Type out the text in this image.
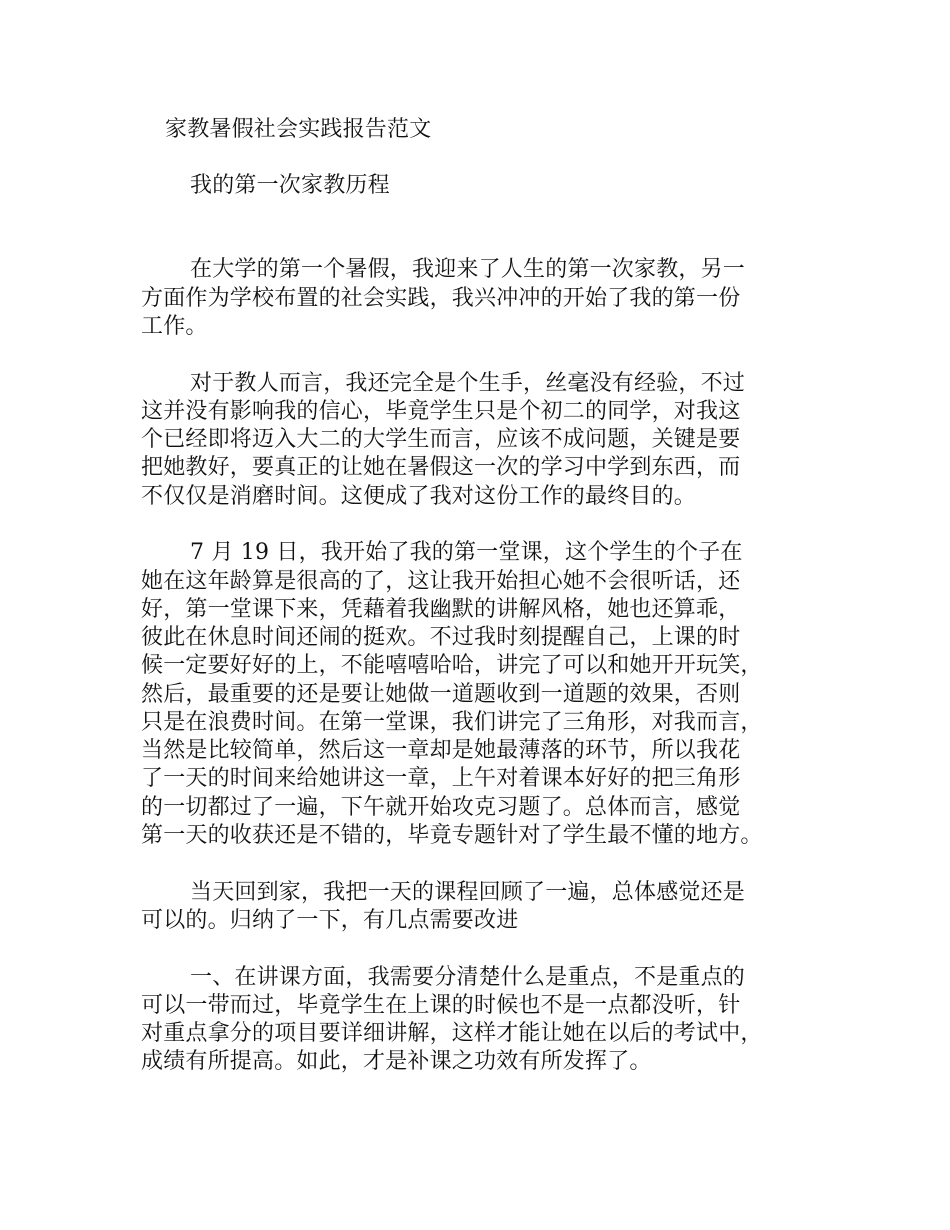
家教暑假社会实践报告范文
我的第一次家教历程
在大学的第一个暑假，我迎来了人生的第一次家教，另一
方面作为学校布置的社会实践，我兴冲冲的开始了我的第一份
工作。
对于教人而言，我还完全是个生手，丝毫没有经验，不过
这并没有影响我的信心，毕竟学生只是个初二的同学，对我这
个已经即将迈入大二的大学生而言，应该不成问题，关键是要
把她教好，要真正的让她在暑假这一次的学习中学到东西，而
不仅仅是消磨时间。这便成了我对这份工作的最终目的。
7 月 19 日，我开始了我的第一堂课，这个学生的个子在
她在这年龄算是很高的了，这让我开始担心她不会很听话，还
好，第一堂课下来，凭藉着我幽默的讲解风格，她也还算乖，
彼此在休息时间还闹的挺欢。不过我时刻提醒自己，上课的时
候一定要好好的上，不能嘻嘻哈哈，讲完了可以和她开开玩笑，
然后，最重要的还是要让她做一道题收到一道题的效果，否则
只是在浪费时间。在第一堂课，我们讲完了三角形，对我而言，
当然是比较简单，然后这一章却是她最薄落的环节，所以我花
了一天的时间来给她讲这一章，上午对着课本好好的把三角形
的一切都过了一遍，下午就开始攻克习题了。总体而言，感觉
第一天的收获还是不错的，毕竟专题针对了学生最不懂的地方。
当天回到家，我把一天的课程回顾了一遍，总体感觉还是
可以的。归纳了一下，有几点需要改进
一、在讲课方面，我需要分清楚什么是重点，不是重点的
可以一带而过，毕竟学生在上课的时候也不是一点都没听，针
对重点拿分的项目要详细讲解，这样才能让她在以后的考试中，
成绩有所提高。如此，才是补课之功效有所发挥了。
